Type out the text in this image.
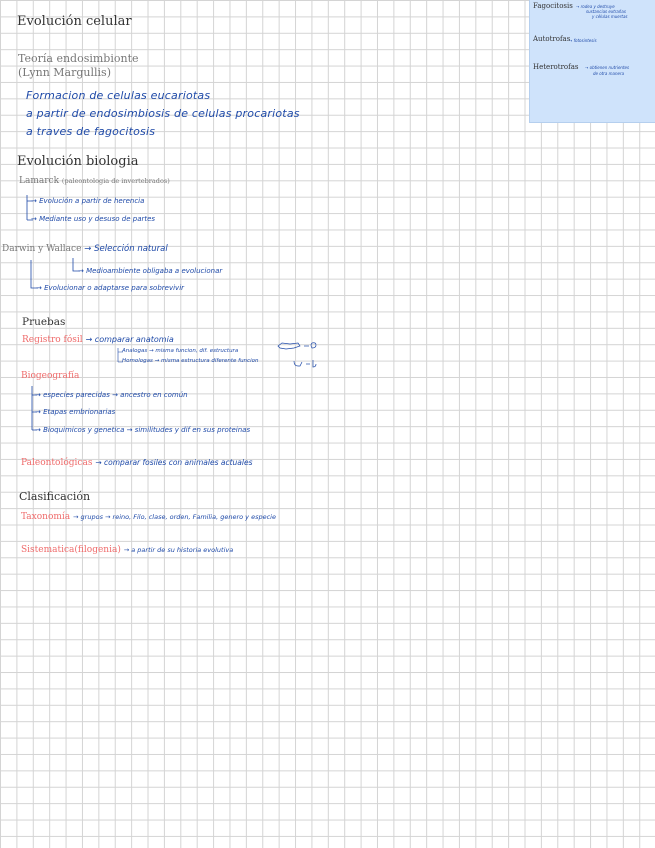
Fagocitosis → rodea y destruye
sustancias extrañas
y células muertas
Autotrofas
→ fotosintesis
Heterotrofas → obtienen nutrientes
de otra manera
Evolución celular
Teoría endosimbionte
(Lynn Margullis)
Formacion de celulas eucariotas
a partir de endosimbiosis de celulas procariotas
a traves de fagocitosis
Evolución biologia
Lamarck (paleontologia de invertebrados)
→ Evolución a partir de herencia
→ Mediante uso y desuso de partes
Darwin y Wallace → Selección natural
→ Medioambiente obligaba a evolucionar
→ Evolucionar o adaptarse para sobrevivir
Pruebas
Registro fósil → comparar anatomia
Analogas → misma funcion, dif. estructura
Homologas → misma estructura diferente funcion
Biogeografía
→ especies parecidas → ancestro en común
→ Etapas embrionarias
→ Bioquimicos y genetica → similitudes y dif en sus proteinas
Paleontológicas → comparar fosiles con animales actuales
Clasificación
Taxonomía → grupos → reino, Filo, clase, orden, Familia, genero y especie
Sistematica(filogenia) → a partir de su historia evolutiva
